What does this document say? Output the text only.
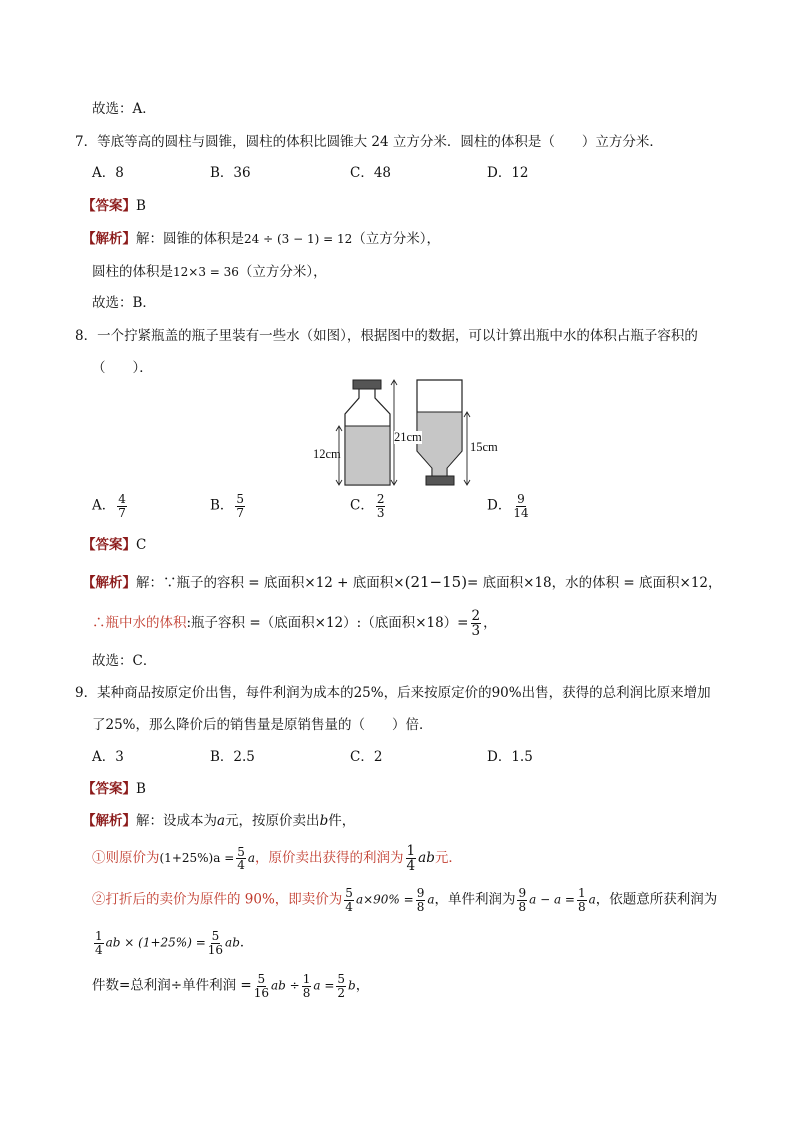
故选：A．
7．等底等高的圆柱与圆锥，圆柱的体积比圆锥大 24 立方分米．圆柱的体积是（　　）立方分米．
A．8	B．36	C．48	D．12
【答案】B
【解析】解：圆锥的体积是24 ÷ (3 − 1) = 12（立方分米），
圆柱的体积是12×3 = 36（立方分米），
故选：B．
8．一个拧紧瓶盖的瓶子里装有一些水（如图），根据图中的数据，可以计算出瓶中水的体积占瓶子容积的
（　　）．
12cm
21cm
15cm
A． $\frac{4}{7}$	B． $\frac{5}{7}$	C． $\frac{2}{3}$	D． $\frac{9}{14}$
【答案】C
【解析】解：∵瓶子的容积 = 底面积×12 + 底面积×(21−15)= 底面积×18，水的体积 = 底面积×12，
∴瓶中水的体积:瓶子容积 =（底面积×12）:（底面积$\times 18)= \frac{2}{3}$ ，
故选：C．
9．某种商品按原定价出售，每件利润为成本的25%，后来按原定价的90%出售，获得的总利润比原来增加
了25%，那么降价后的销售量是原销售量的（　　）倍．
A．3	B．2.5	C．2	D．1.5
【答案】B
【解析】解：设成本为a元，按原价卖出b件，
①则原价为$(1+25\%)a = \frac{5}{4}$ a，原价卖出获得的利润为 $\frac{1}{4}$ ab元．
②打折后的卖价为原件的 90%，即卖价为 $\frac{5}{4} a\times 90\% = \frac{9}{8}$ a，单件利润为 $\frac{9}{8}$ $a - a = \frac{1}{8}$ a，依题意所获利润为
$\frac{1}{4}$ ab × $(1+25\%) = \frac{5}{16}$ ab．
件数=总利润÷单件利润 = $\frac{5}{16}$ ab ÷ $\frac{1}{8}$ $a = \frac{5}{2}$ b，
